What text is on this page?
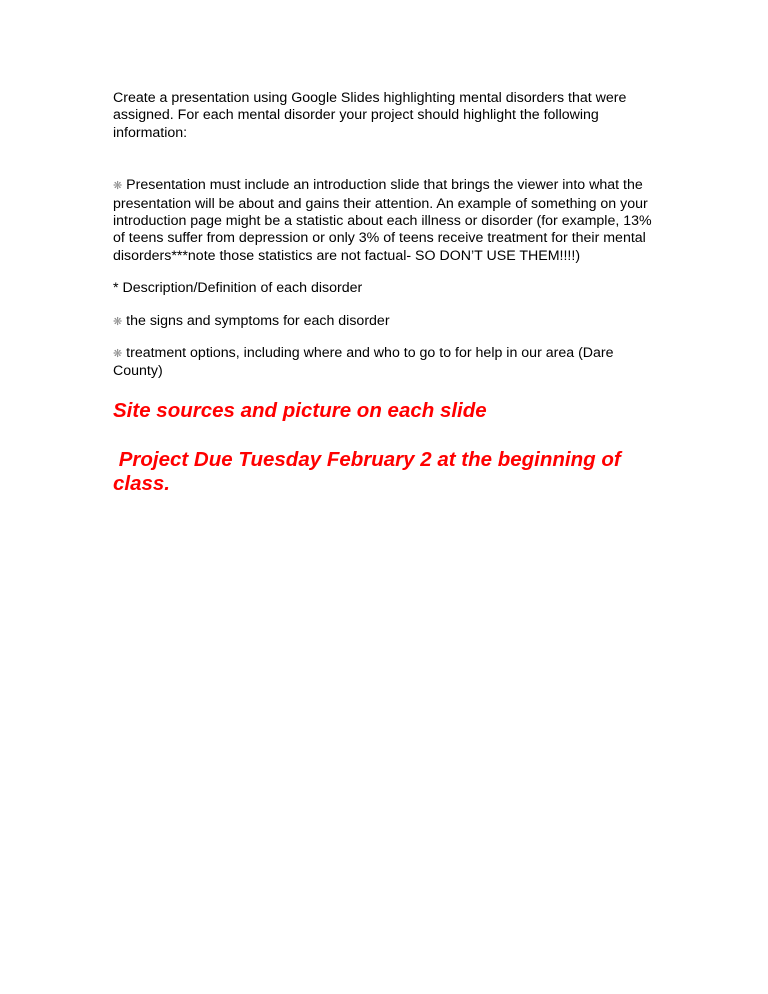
Create a presentation using Google Slides highlighting mental disorders that were assigned. For each mental disorder your project should highlight the following information:

❋ Presentation must include an introduction slide that brings the viewer into what the presentation will be about and gains their attention. An example of something on your introduction page might be a statistic about each illness or disorder (for example, 13% of teens suffer from depression or only 3% of teens receive treatment for their mental disorders***note those statistics are not factual- SO DON’T USE THEM!!!!)

* Description/Definition of each disorder

❋ the signs and symptoms for each disorder

❋ treatment options, including where and who to go to for help in our area (Dare County)

Site sources and picture on each slide

Project Due Tuesday February 2 at the beginning of class.
